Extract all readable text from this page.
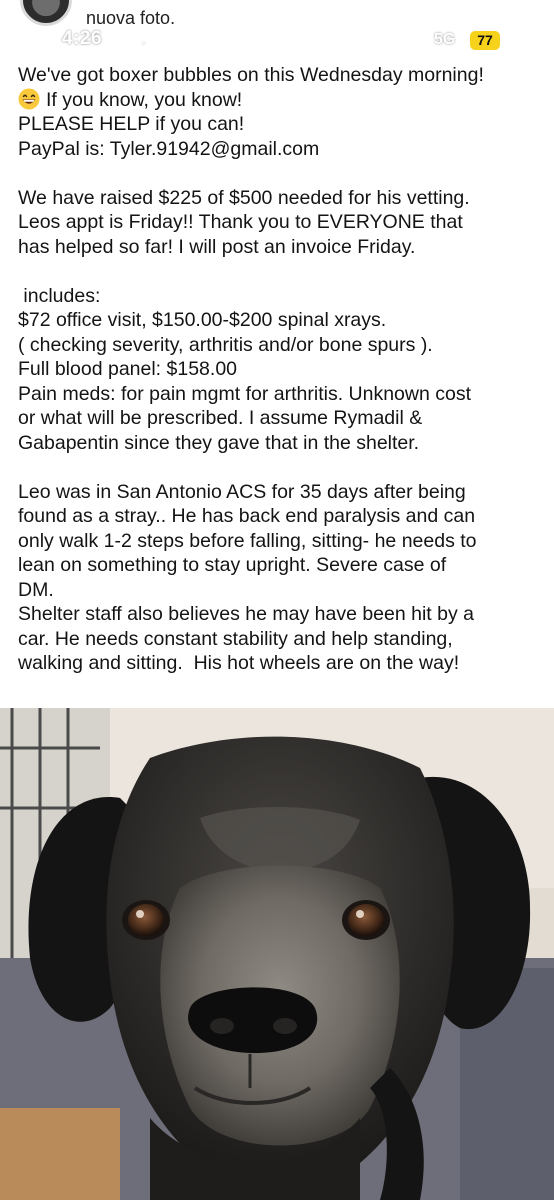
nuova foto.
4:26	·	5G	77
We've got boxer bubbles on this Wednesday morning!
If you know, you know!
PLEASE HELP if you can!
PayPal is: Tyler.91942@gmail.com
We have raised $225 of $500 needed for his vetting.
Leos appt is Friday!! Thank you to EVERYONE that
has helped so far! I will post an invoice Friday.
includes:
$72 office visit, $150.00-$200 spinal xrays.
( checking severity, arthritis and/or bone spurs ).
Full blood panel: $158.00
Pain meds: for pain mgmt for arthritis. Unknown cost
or what will be prescribed. I assume Rymadil &
Gabapentin since they gave that in the shelter.
Leo was in San Antonio ACS for 35 days after being
found as a stray.. He has back end paralysis and can
only walk 1-2 steps before falling, sitting- he needs to
lean on something to stay upright. Severe case of
DM.
Shelter staff also believes he may have been hit by a
car. He needs constant stability and help standing,
walking and sitting.  His hot wheels are on the way!
